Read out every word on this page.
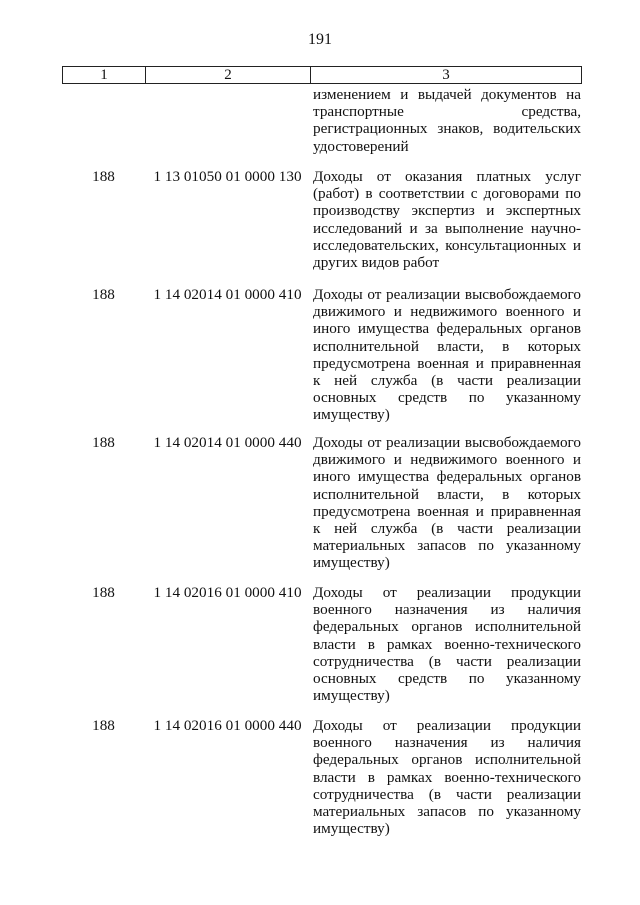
191
1	2	3
изменением и выдачей документов на транспортные средства, регистрационных знаков, водительских удостоверений
188	1 13 01050 01 0000 130 Доходы от оказания платных услуг (работ) в соответствии с договорами по производству экспертиз и экспертных исследований и за выполнение научно-исследовательских, консультационных и других видов работ
188	1 14 02014 01 0000 410 Доходы от реализации высвобождаемого движимого и недвижимого военного и иного имущества федеральных органов исполнительной власти, в которых предусмотрена военная и приравненная к ней служба (в части реализации основных средств по указанному имуществу)
188	1 14 02014 01 0000 440 Доходы от реализации высвобождаемого движимого и недвижимого военного и иного имущества федеральных органов исполнительной власти, в которых предусмотрена военная и приравненная к ней служба (в части реализации материальных запасов по указанному имуществу)
188	1 14 02016 01 0000 410 Доходы от реализации продукции военного назначения из наличия федеральных органов исполнительной власти в рамках военно-технического сотрудничества (в части реализации основных средств по указанному имуществу)
188	1 14 02016 01 0000 440 Доходы от реализации продукции военного назначения из наличия федеральных органов исполнительной власти в рамках военно-технического сотрудничества (в части реализации материальных запасов по указанному имуществу)
